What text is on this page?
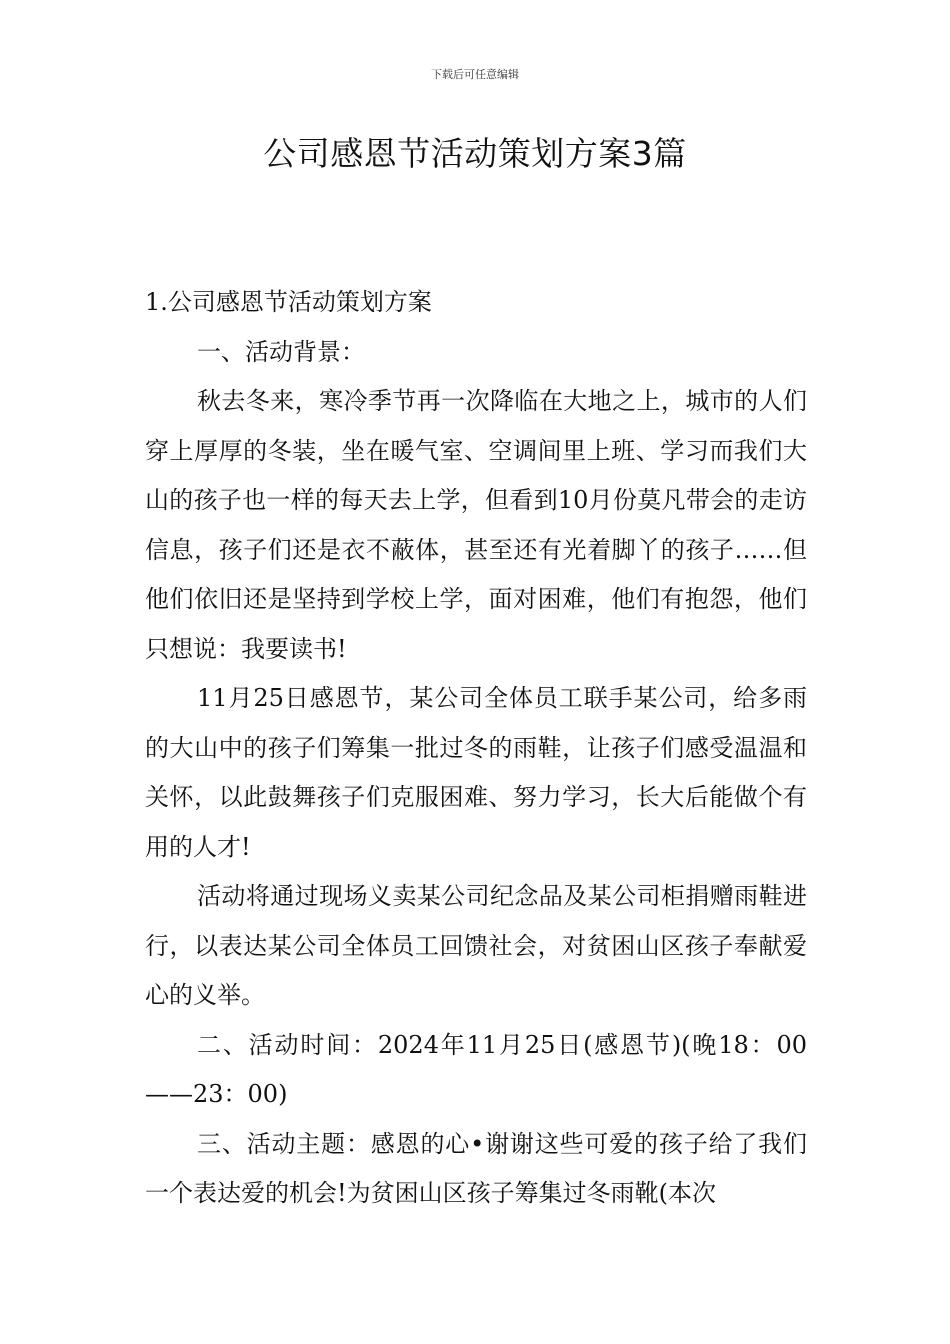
下载后可任意编辑
公司感恩节活动策划方案3篇

1.公司感恩节活动策划方案

一、活动背景：

秋去冬来，寒冷季节再一次降临在大地之上，城市的人们穿上厚厚的冬装，坐在暖气室、空调间里上班、学习而我们大山的孩子也一样的每天去上学，但看到10月份莫凡带会的走访信息，孩子们还是衣不蔽体，甚至还有光着脚丫的孩子……但他们依旧还是坚持到学校上学，面对困难，他们有抱怨，他们只想说：我要读书!

11月25日感恩节，某公司全体员工联手某公司，给多雨的大山中的孩子们筹集一批过冬的雨鞋，让孩子们感受温温和关怀，以此鼓舞孩子们克服困难、努力学习，长大后能做个有用的人才!

活动将通过现场义卖某公司纪念品及某公司柜捐赠雨鞋进行，以表达某公司全体员工回馈社会，对贫困山区孩子奉献爱心的义举。

二、活动时间：2024年11月25日(感恩节)(晚18：00——23：00)

三、活动主题：感恩的心•谢谢这些可爱的孩子给了我们一个表达爱的机会!为贫困山区孩子筹集过冬雨靴(本次
